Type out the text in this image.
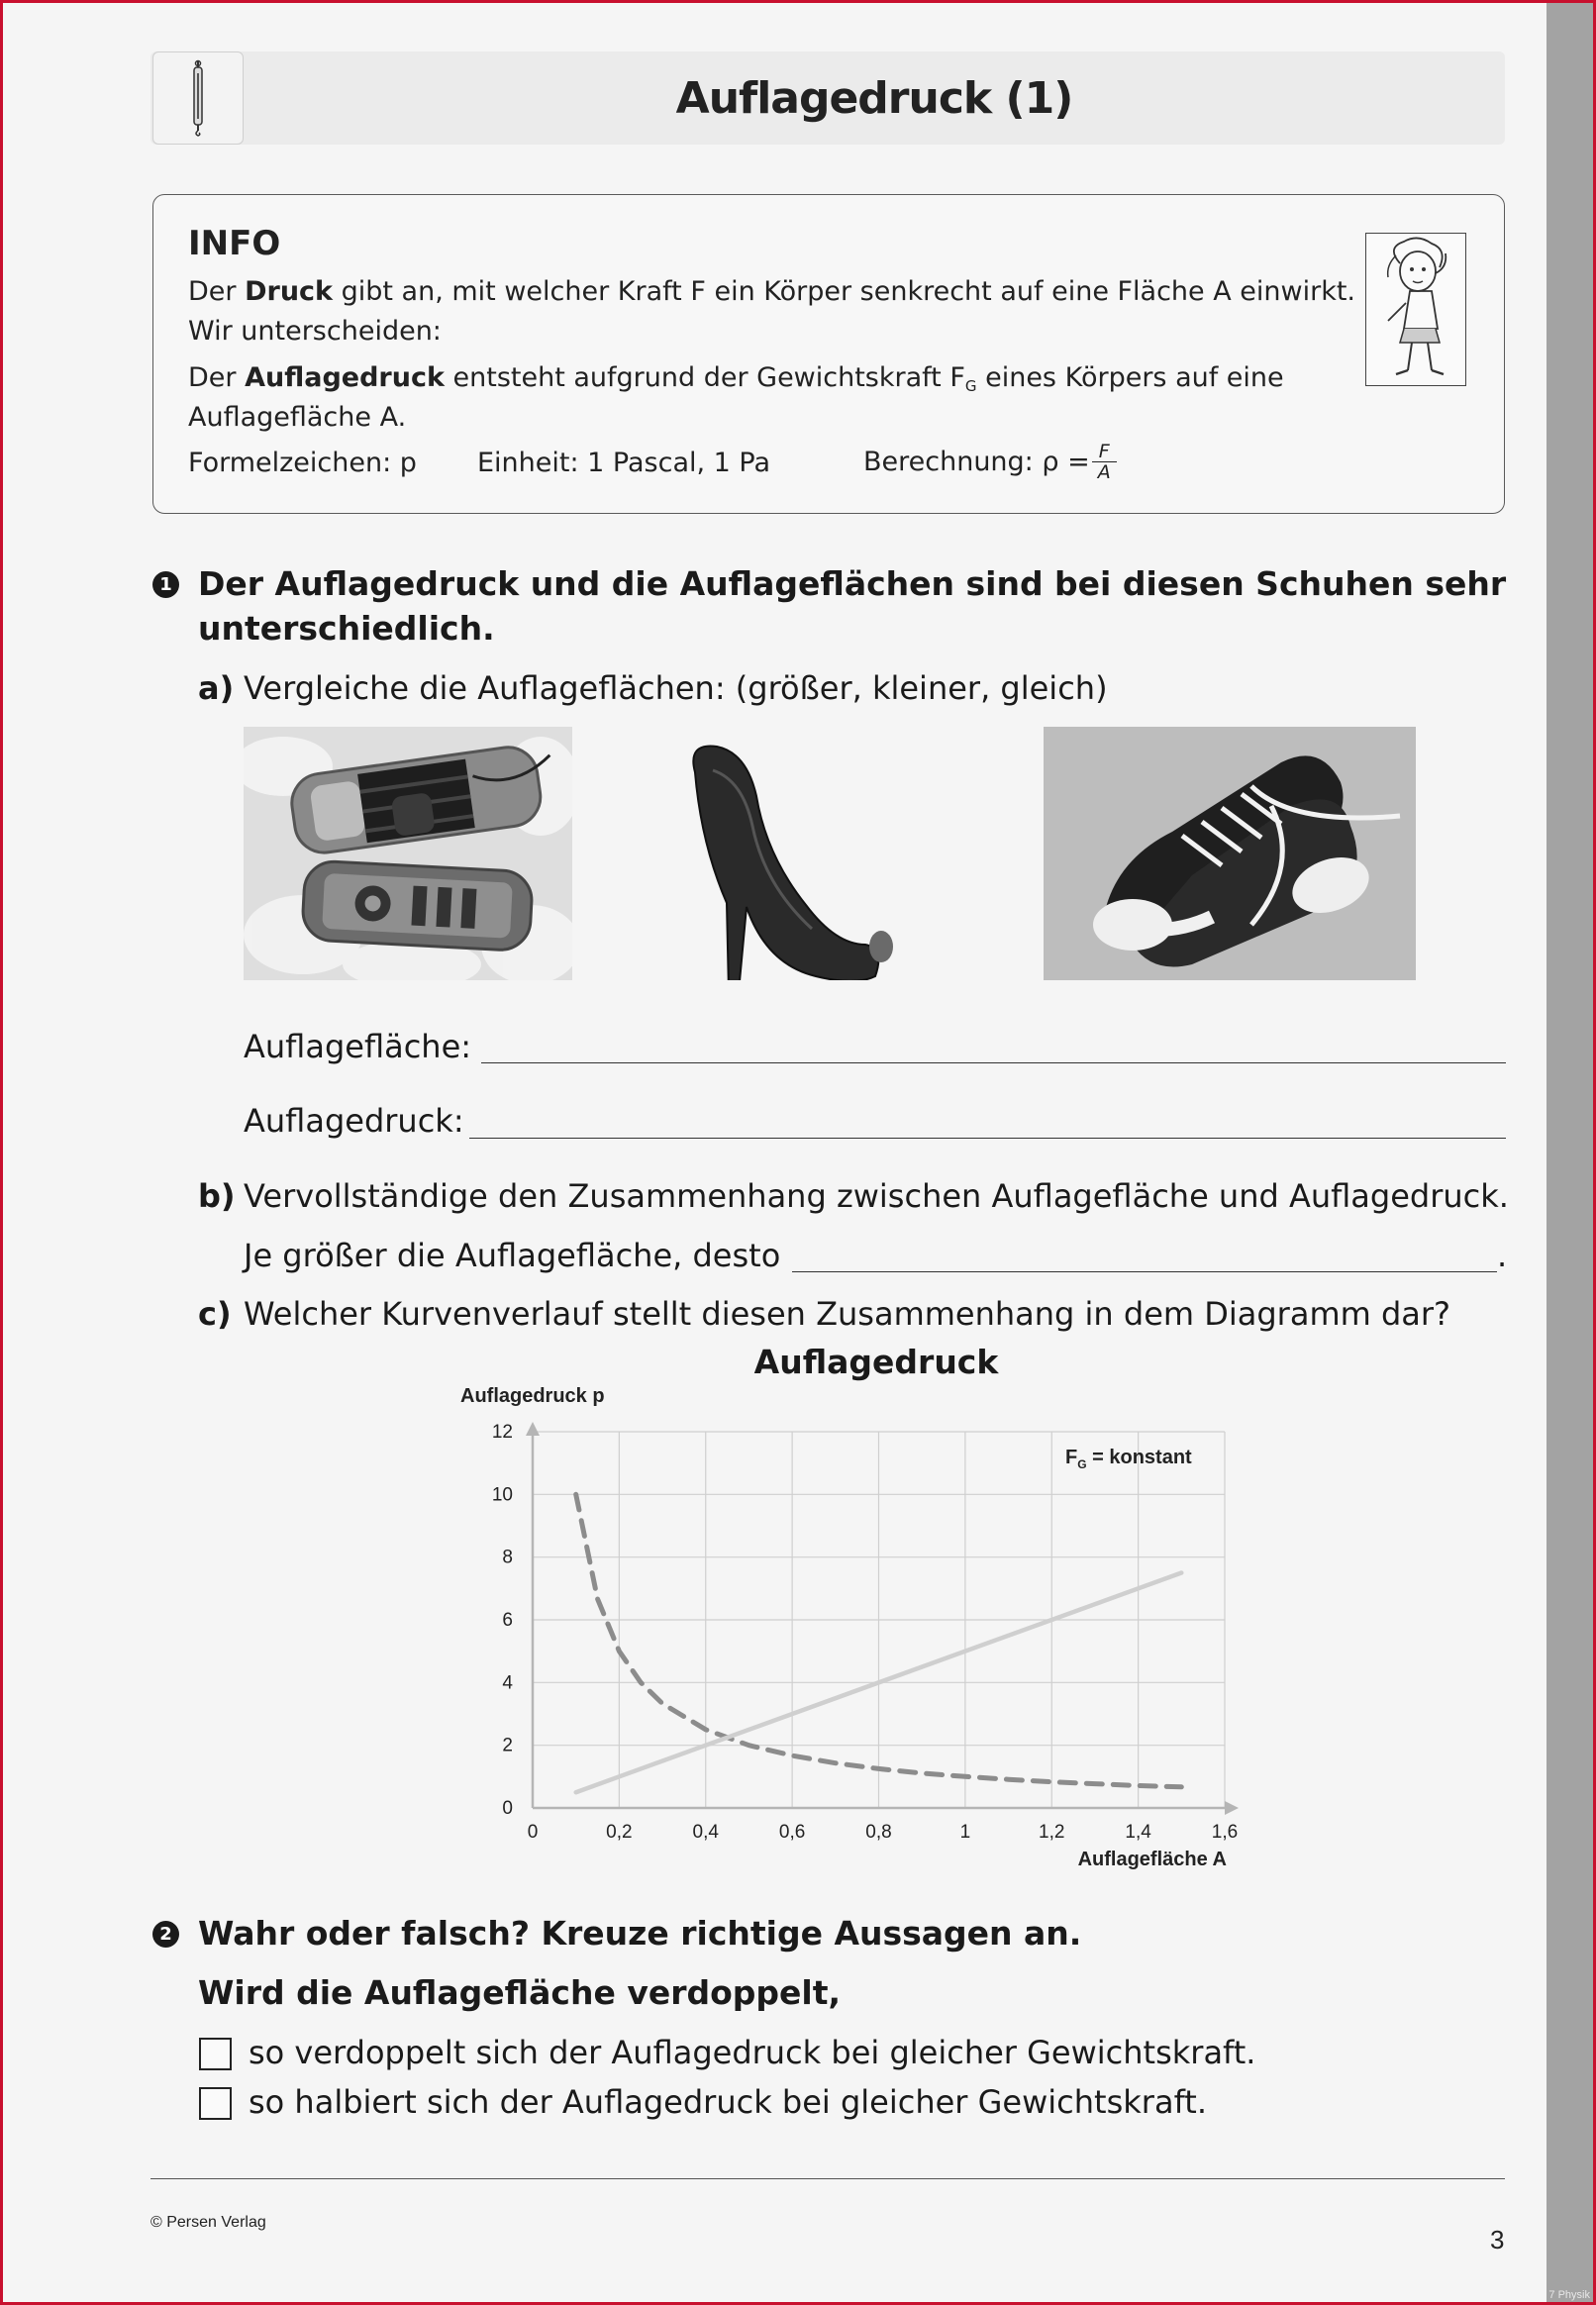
7 Physik
Auflagedruck (1)
INFO
Der Druck gibt an, mit welcher Kraft F ein Körper senkrecht auf eine Fläche A einwirkt.
Wir unterscheiden:
Der Auflagedruck entsteht aufgrund der Gewichtskraft $F_G$ eines Körpers auf eine
Auflagefläche A.
Formelzeichen: p Einheit: 1 Pascal, 1 Pa	Berechnung: $\rho = \frac{F}{A}$
1 Der Auflagedruck und die Auflageflächen sind bei diesen Schuhen sehr
unterschiedlich.
a) Vergleiche die Auflageflächen: (größer, kleiner, gleich)
Auflagefläche:
Auflagedruck:
b) Vervollständige den Zusammenhang zwischen Auflagefläche und Auflagedruck.
Je größer die Auflagefläche, desto	.
c) Welcher Kurvenverlauf stellt diesen Zusammenhang in dem Diagramm dar?
Auflagedruck
0	0,2	0,4	0,6	0,8	1	1,2	1,4	1,6
0
2
4
6
8
10
12
Auflagedruck p
Auflagefläche A
$F_G$ = konstant
2 Wahr oder falsch? Kreuze richtige Aussagen an.
Wird die Auflagefläche verdoppelt,
so verdoppelt sich der Auflagedruck bei gleicher Gewichtskraft.
so halbiert sich der Auflagedruck bei gleicher Gewichtskraft.
© Persen Verlag
3
